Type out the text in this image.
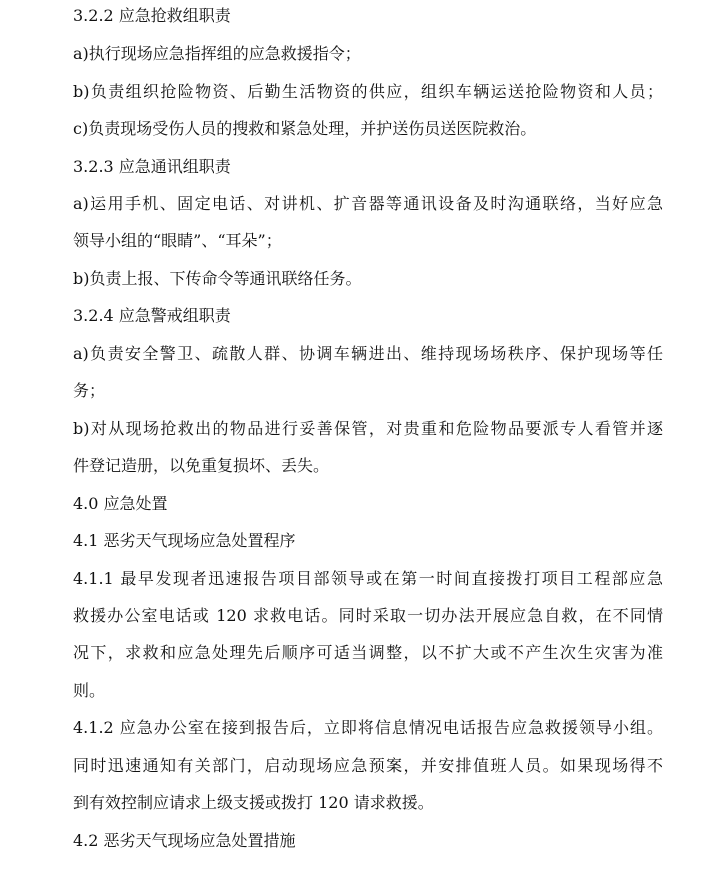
3.2.2 应急抢救组职责
a)执行现场应急指挥组的应急救援指令；
b)负责组织抢险物资、后勤生活物资的供应，组织车辆运送抢险物资和人员；
c)负责现场受伤人员的搜救和紧急处理，并护送伤员送医院救治。
3.2.3 应急通讯组职责
a)运用手机、固定电话、对讲机、扩音器等通讯设备及时沟通联络，当好应急
领导小组的“眼睛”、“耳朵”；
b)负责上报、下传命令等通讯联络任务。
3.2.4 应急警戒组职责
a)负责安全警卫、疏散人群、协调车辆进出、维持现场场秩序、保护现场等任
务；
b)对从现场抢救出的物品进行妥善保管，对贵重和危险物品要派专人看管并逐
件登记造册，以免重复损坏、丢失。
4.0 应急处置
4.1 恶劣天气现场应急处置程序
4.1.1 最早发现者迅速报告项目部领导或在第一时间直接拨打项目工程部应急
救援办公室电话或 120 求救电话。同时采取一切办法开展应急自救，在不同情
况下，求救和应急处理先后顺序可适当调整，以不扩大或不产生次生灾害为准
则。
4.1.2 应急办公室在接到报告后，立即将信息情况电话报告应急救援领导小组。
同时迅速通知有关部门，启动现场应急预案，并安排值班人员。如果现场得不
到有效控制应请求上级支援或拨打 120 请求救援。
4.2 恶劣天气现场应急处置措施
